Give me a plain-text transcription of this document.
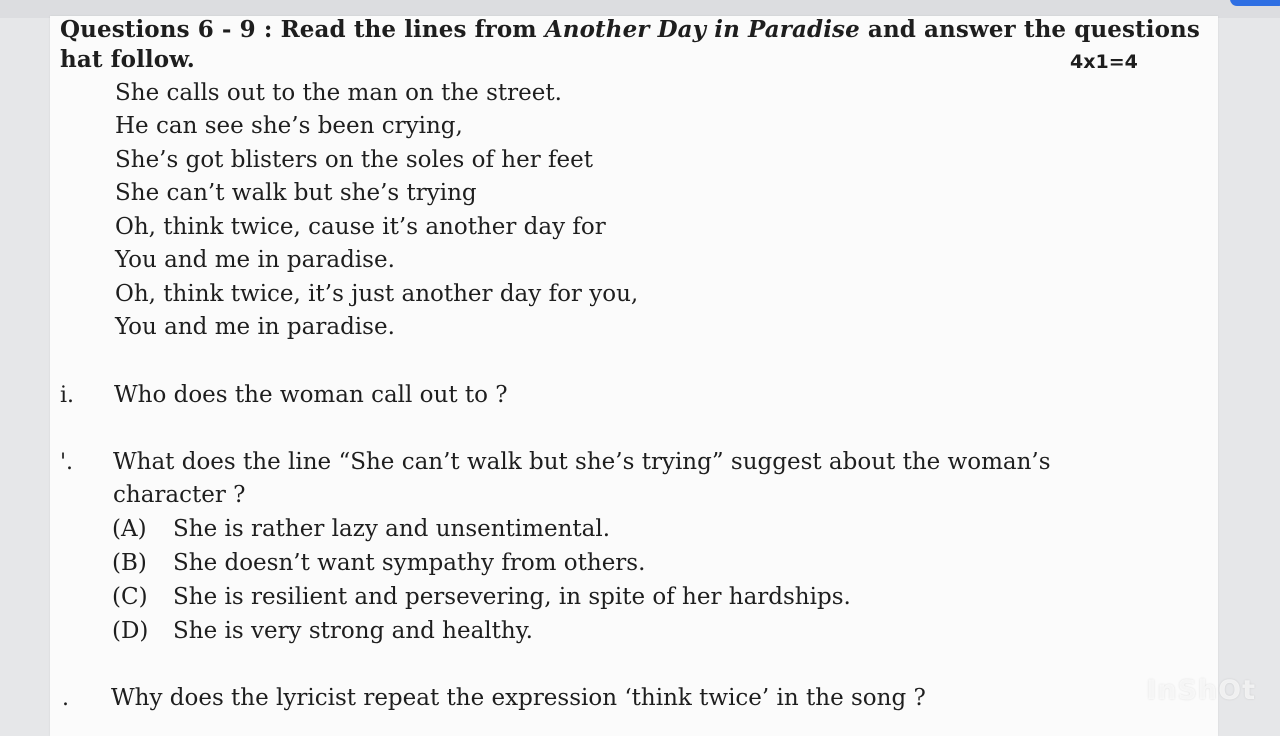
Questions 6 - 9 : Read the lines from Another Day in Paradise and answer the questions
hat follow.	4x1=4
She calls out to the man on the street.
He can see she’s been crying,
She’s got blisters on the soles of her feet
She can’t walk but she’s trying
Oh, think twice, cause it’s another day for
You and me in paradise.
Oh, think twice, it’s just another day for you,
You and me in paradise.
i. Who does the woman call out to ?
'. What does the line “She can’t walk but she’s trying” suggest about the woman’s
character ?
(A) She is rather lazy and unsentimental.
(B) She doesn’t want sympathy from others.
(C) She is resilient and persevering, in spite of her hardships.
(D) She is very strong and healthy.
. Why does the lyricist repeat the expression ‘think twice’ in the song ?	InShOt
